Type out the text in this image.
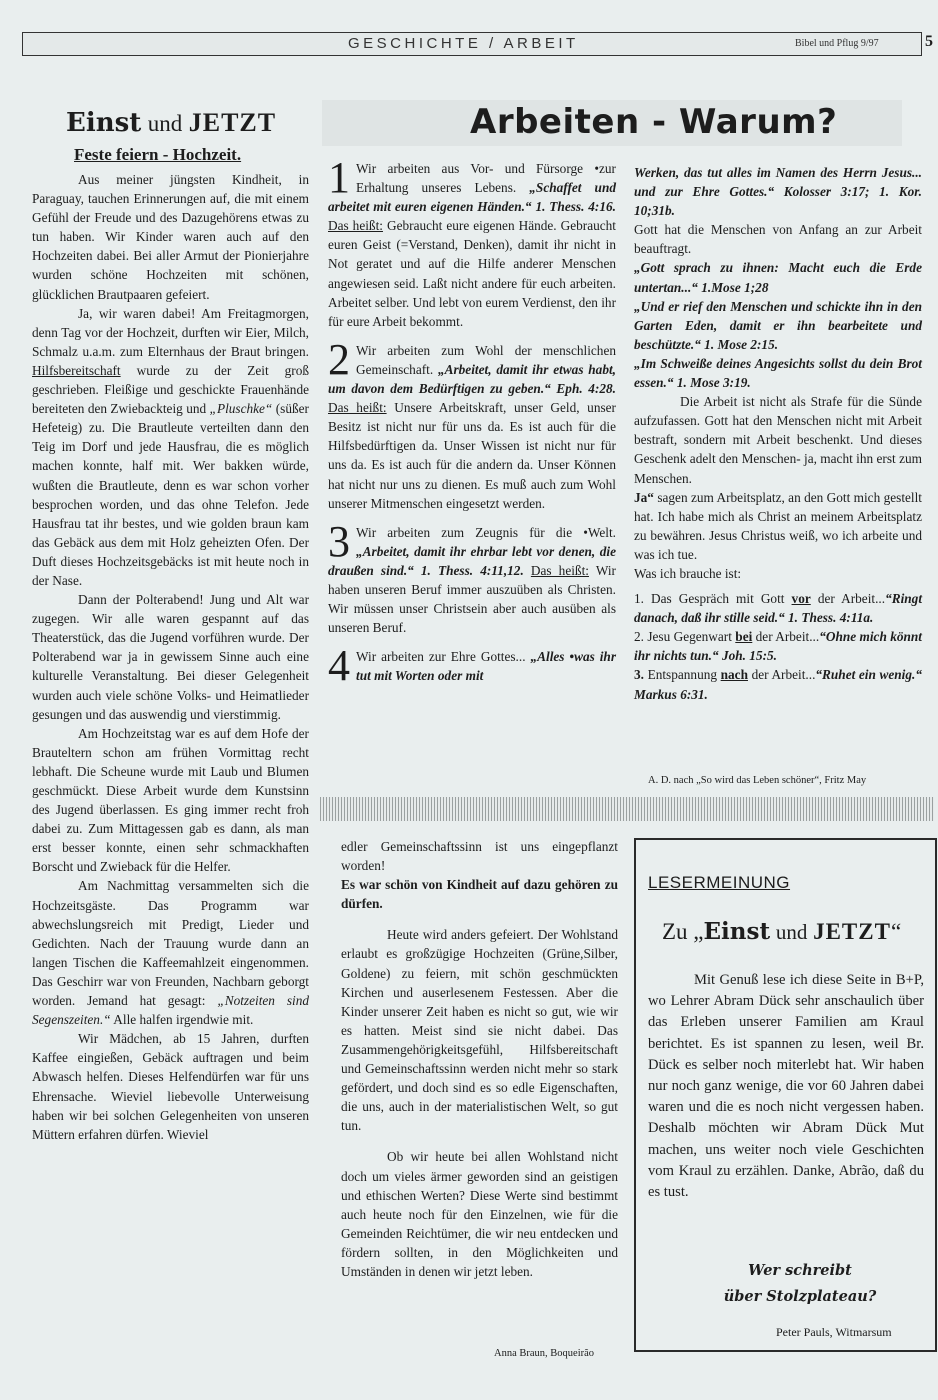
GESCHICHTE / ARBEIT	Bibel und Pflug 9/97	5
Einst und JETZT
Feste feiern - Hochzeit.

Aus meiner jüngsten Kindheit, in Paraguay, tauchen Erinnerungen auf, die mit einem Gefühl der Freude und des Dazugehörens etwas zu tun haben. Wir Kinder waren auch auf den Hochzeiten dabei. Bei aller Armut der Pionierjahre wurden schöne Hochzeiten mit schönen, glücklichen Brautpaaren gefeiert.

Ja, wir waren dabei! Am Freitagmorgen, denn Tag vor der Hochzeit, durften wir Eier, Milch, Schmalz u.a.m. zum Elternhaus der Braut bringen. Hilfsbereitschaft wurde zu der Zeit groß geschrieben. Fleißige und geschickte Frauenhände bereiteten den Zwiebackteig und „Pluschke“ (süßer Hefeteig) zu. Die Brautleute verteilten dann den Teig im Dorf und jede Hausfrau, die es möglich machen konnte, half mit. Wer bakken würde, wußten die Brautleute, denn es war schon vorher besprochen worden, und das ohne Telefon. Jede Hausfrau tat ihr bestes, und wie golden braun kam das Gebäck aus dem mit Holz geheizten Ofen. Der Duft dieses Hochzeitsgebäcks ist mit heute noch in der Nase.

Dann der Polterabend! Jung und Alt war zugegen. Wir alle waren gespannt auf das Theaterstück, das die Jugend vorführen wurde. Der Polterabend war ja in gewissem Sinne auch eine kulturelle Veranstaltung. Bei dieser Gelegenheit wurden auch viele schöne Volks- und Heimatlieder gesungen und das auswendig und vierstimmig.

Am Hochzeitstag war es auf dem Hofe der Brauteltern schon am frühen Vormittag recht lebhaft. Die Scheune wurde mit Laub und Blumen geschmückt. Diese Arbeit wurde dem Kunstsinn des Jugend überlassen. Es ging immer recht froh dabei zu. Zum Mittagessen gab es dann, als man erst besser konnte, einen sehr schmackhaften Borscht und Zwieback für die Helfer.

Am Nachmittag versammelten sich die Hochzeitsgäste. Das Programm war abwechslungsreich mit Predigt, Lieder und Gedichten. Nach der Trauung wurde dann an langen Tischen die Kaffeemahlzeit eingenommen. Das Geschirr war von Freunden, Nachbarn geborgt worden. Jemand hat gesagt: „Notzeiten sind Segenszeiten.“ Alle halfen irgendwie mit.

Wir Mädchen, ab 15 Jahren, durften Kaffee eingießen, Gebäck auftragen und beim Abwasch helfen. Dieses Helfendürfen war für uns Ehrensache. Wieviel liebevolle Unterweisung haben wir bei solchen Gelegenheiten von unseren Müttern erfahren dürfen. Wieviel

Arbeiten - Warum?
1 Wir arbeiten aus Vor- und Fürsorge •zur Erhaltung unseres Lebens. „Schaffet und arbeitet mit euren eigenen Händen.“ 1. Thess. 4:16. Das heißt: Gebraucht eure eigenen Hände. Gebraucht euren Geist (=Verstand, Denken), damit ihr nicht in Not geratet und auf die Hilfe anderer Menschen angewiesen seid. Laßt nicht andere für euch arbeiten. Arbeitet selber. Und lebt von eurem Verdienst, den ihr für eure Arbeit bekommt.
2 Wir arbeiten zum Wohl der menschlichen Gemeinschaft. „Arbeitet, damit ihr etwas habt, um davon dem Bedürftigen zu geben.“ Eph. 4:28. Das heißt: Unsere Arbeitskraft, unser Geld, unser Besitz ist nicht nur für uns da. Es ist auch für die Hilfsbedürftigen da. Unser Wissen ist nicht nur für uns da. Es ist auch für die andern da. Unser Können hat nicht nur uns zu dienen. Es muß auch zum Wohl unserer Mitmenschen eingesetzt werden.
3 Wir arbeiten zum Zeugnis für die •Welt. „Arbeitet, damit ihr ehrbar lebt vor denen, die draußen sind.“ 1. Thess. 4:11,12. Das heißt: Wir haben unseren Beruf immer auszuüben als Christen. Wir müssen unser Christsein aber auch ausüben als unseren Beruf.
4 Wir arbeiten zur Ehre Gottes... „Alles •was ihr tut mit Worten oder mit

Werken, das tut alles im Namen des Herrn Jesus... und zur Ehre Gottes.“ Kolosser 3:17; 1. Kor. 10;31b.

Gott hat die Menschen von Anfang an zur Arbeit beauftragt.

„Gott sprach zu ihnen: Macht euch die Erde untertan...“ 1.Mose 1;28

„Und er rief den Menschen und schickte ihn in den Garten Eden, damit er ihn bearbeitete und beschützte.“ 1. Mose 2:15.

„Im Schweiße deines Angesichts sollst du dein Brot essen.“ 1. Mose 3:19.

Die Arbeit ist nicht als Strafe für die Sünde aufzufassen. Gott hat den Menschen nicht mit Arbeit bestraft, sondern mit Arbeit beschenkt. Und dieses Geschenk adelt den Menschen- ja, macht ihn erst zum Menschen.

Ja“ sagen zum Arbeitsplatz, an den Gott mich gestellt hat. Ich habe mich als Christ an meinem Arbeitsplatz zu bewähren. Jesus Christus weiß, wo ich arbeite und was ich tue.

Was ich brauche ist:

1. Das Gespräch mit Gott vor der Arbeit...“Ringt danach, daß ihr stille seid.“ 1. Thess. 4:11a.

2. Jesu Gegenwart bei der Arbeit...“Ohne mich könnt ihr nichts tun.“ Joh. 15:5.

3. Entspannung nach der Arbeit...“Ruhet ein wenig.“ Markus 6:31.

A. D. nach „So wird das Leben schöner“, Fritz May

edler Gemeinschaftssinn ist uns eingepflanzt worden!

Es war schön von Kindheit auf dazu gehören zu dürfen.

Heute wird anders gefeiert. Der Wohlstand erlaubt es großzügige Hochzeiten (Grüne,Silber, Goldene) zu feiern, mit schön geschmückten Kirchen und auserlesenem Festessen. Aber die Kinder unserer Zeit haben es nicht so gut, wie wir es hatten. Meist sind sie nicht dabei. Das Zusammengehörigkeitsgefühl, Hilfsbereitschaft und Gemeinschaftssinn werden nicht mehr so stark gefördert, und doch sind es so edle Eigenschaften, die uns, auch in der materialistischen Welt, so gut tun.

Ob wir heute bei allen Wohlstand nicht doch um vieles ärmer geworden sind an geistigen und ethischen Werten? Diese Werte sind bestimmt auch heute noch für den Einzelnen, wie für die Gemeinden Reichtümer, die wir neu entdecken und fördern sollten, in den Möglichkeiten und Umständen in denen wir jetzt leben.

Anna Braun, Boqueirão
LESERMEINUNG
Zu „Einst und JETZT“

Mit Genuß lese ich diese Seite in B+P, wo Lehrer Abram Dück sehr anschaulich über das Erleben unserer Familien am Kraul berichtet. Es ist spannen zu lesen, weil Br. Dück es selber noch miterlebt hat. Wir haben nur noch ganz wenige, die vor 60 Jahren dabei waren und die es noch nicht vergessen haben. Deshalb möchten wir Abram Dück Mut machen, uns weiter noch viele Geschichten vom Kraul zu erzählen. Danke, Abrão, daß du es tust.

Wer schreibt
über Stolzplateau?
Peter Pauls, Witmarsum
